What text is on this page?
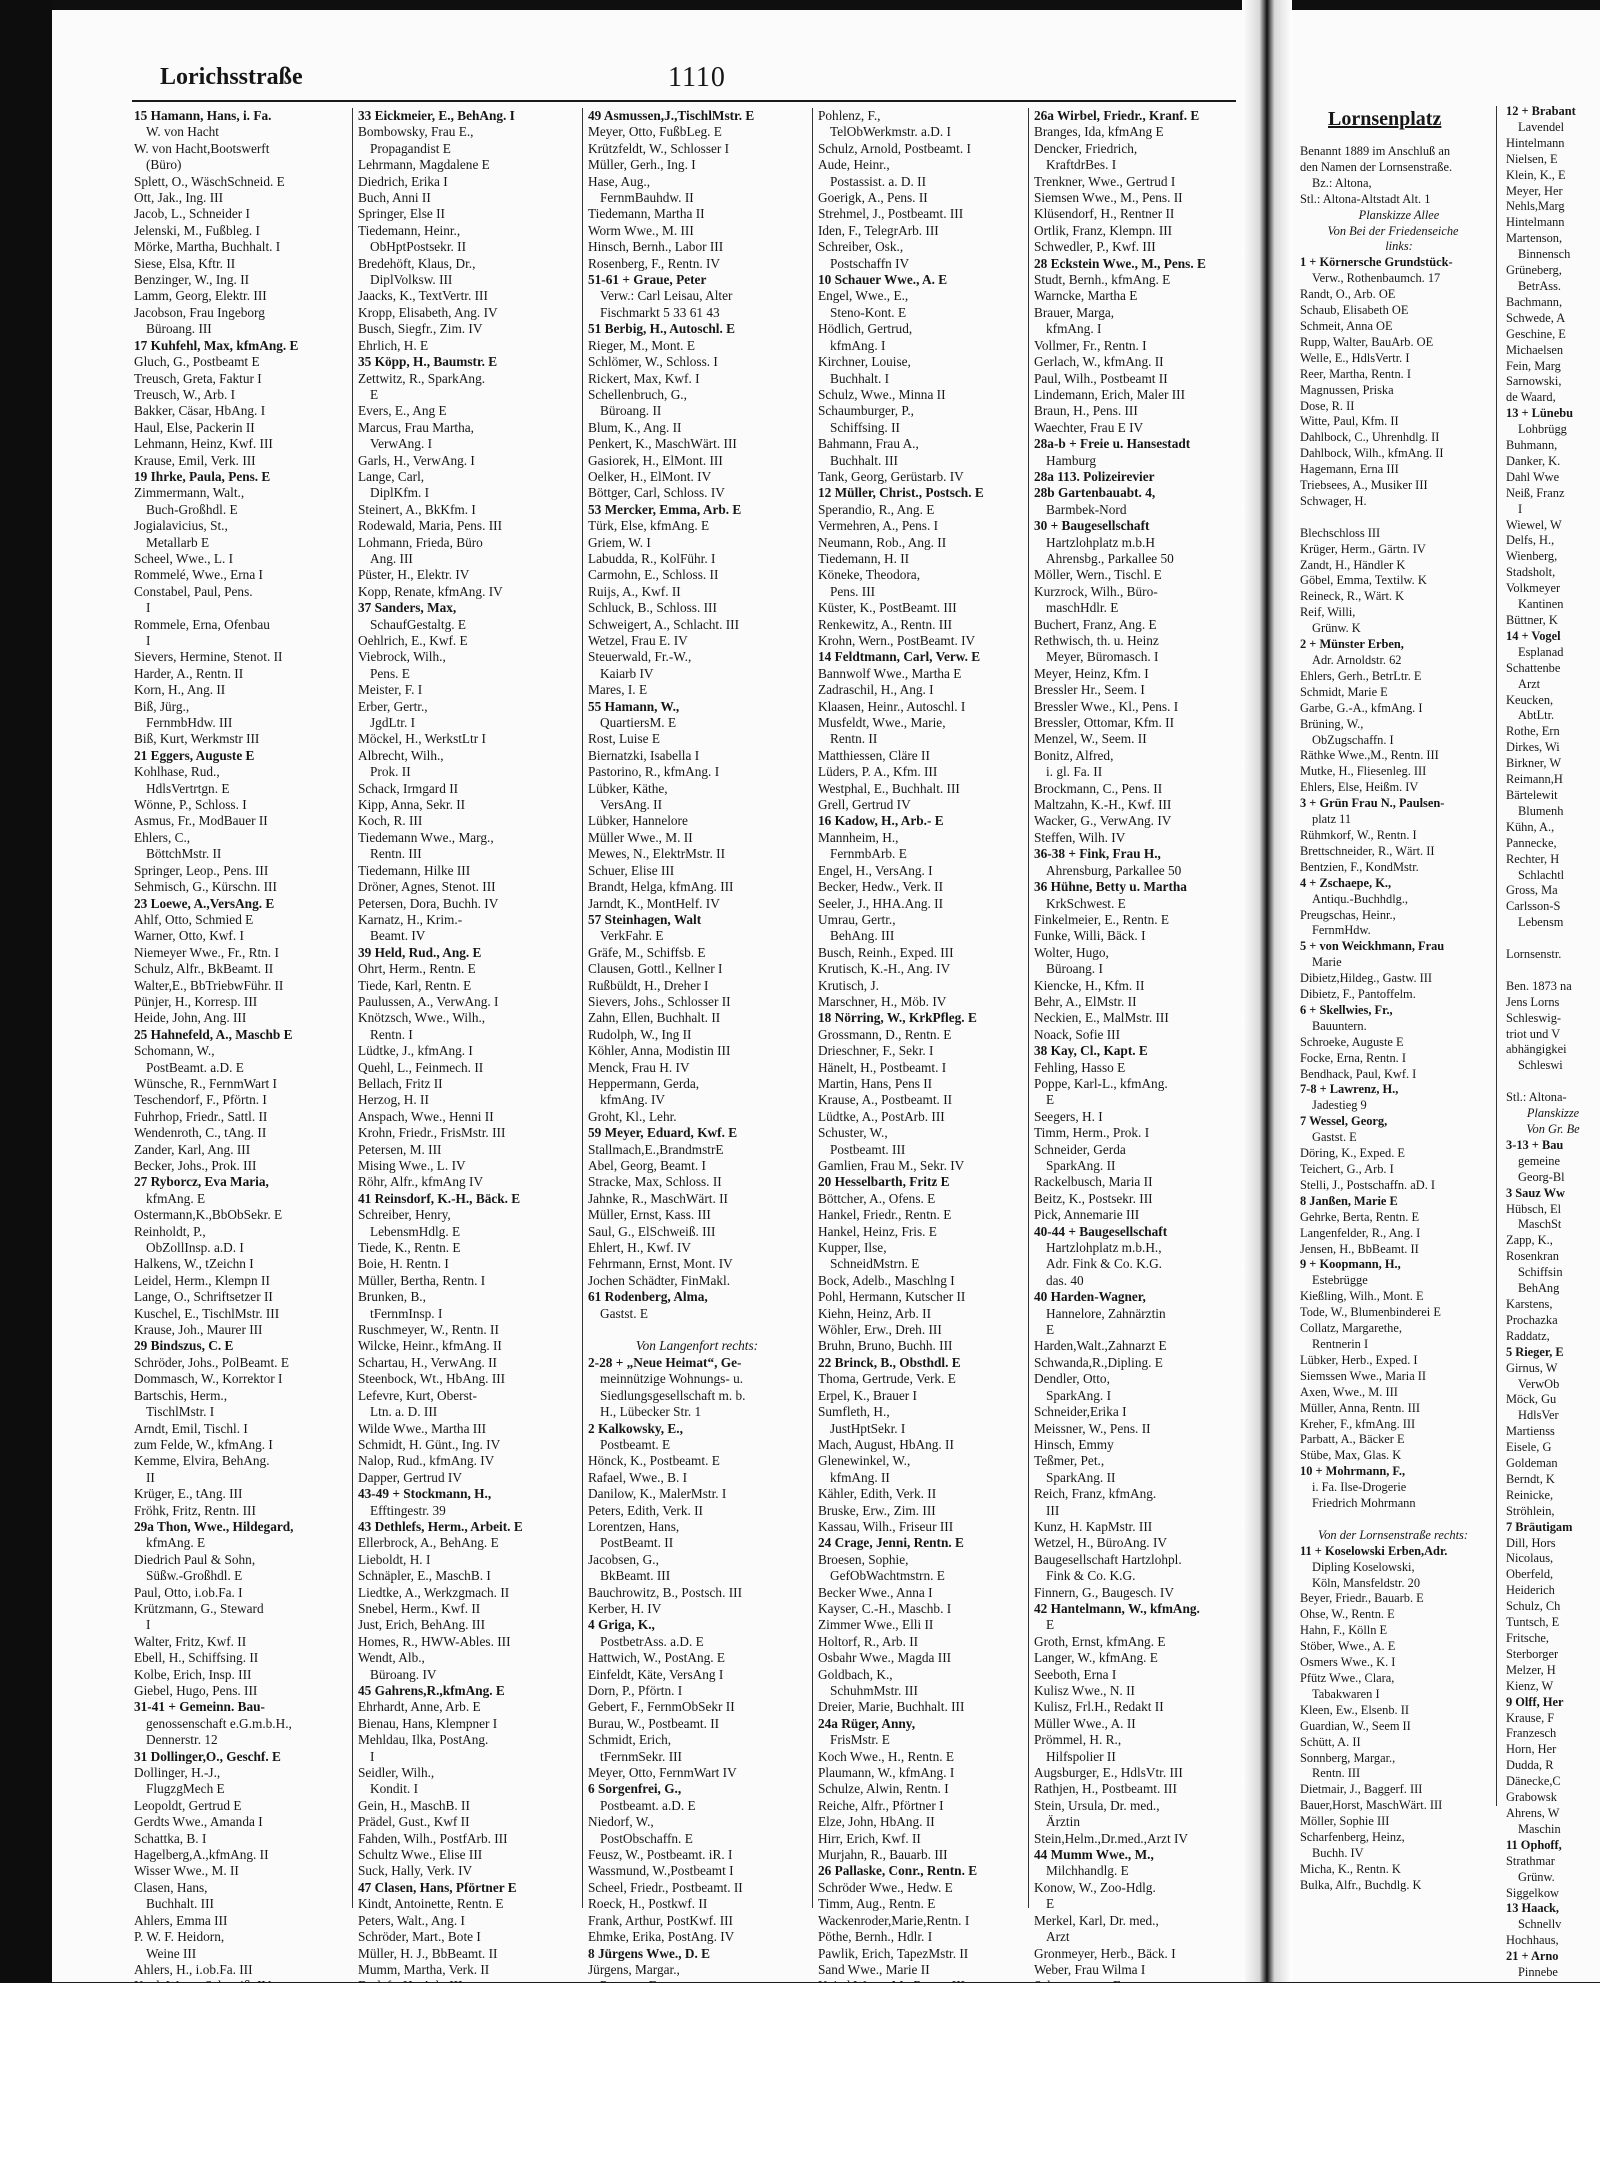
Lornsenplatz
Benannt 1889 im Anschluß an
den Namen der Lornsenstraße.
Bz.: Altona,
Stl.: Altona-Altstadt Alt. 1
Planskizze Allee
Von Bei der Friedenseiche
links:
1 + Körnersche Grundstück-
Verw., Rothenbaumch. 17
Randt, O., Arb. OE
Schaub, Elisabeth OE
Schmeit, Anna OE
Rupp, Walter, BauArb. OE
Welle, E., HdlsVertr. I
Reer, Martha, Rentn. I
Magnussen, Priska
Dose, R. II
Witte, Paul, Kfm. II
Dahlbock, C., Uhrenhdlg. II
Dahlbock, Wilh., kfmAng. II
Hagemann, Erna III
Triebsees, A., Musiker III
Schwager, H.

Blechschloss III
Krüger, Herm., Gärtn. IV
Zandt, H., Händler K
Göbel, Emma, Textilw. K
Reineck, R., Wärt. K
Reif, Willi,
Grünw. K
2 + Münster Erben,
Adr. Arnoldstr. 62
Ehlers, Gerh., BetrLtr. E
Schmidt, Marie E
Garbe, G.-A., kfmAng. I
Brüning, W.,
ObZugschaffn. I
Räthke Wwe.,M., Rentn. III
Mutke, H., Fliesenleg. III
Ehlers, Else, Heißm. IV
3 + Grün Frau N., Paulsen-
platz 11
Rühmkorf, W., Rentn. I
Brettschneider, R., Wärt. II
Bentzien, F., KondMstr.
4 + Zschaepe, K.,
Antiqu.-Buchhdlg.,
Preugschas, Heinr.,
FernmHdw.
5 + von Weickhmann, Frau
Marie
Dibietz,Hildeg., Gastw. III
Dibietz, F., Pantoffelm.
6 + Skellwies, Fr.,
Bauuntern.
Schroeke, Auguste E
Focke, Erna, Rentn. I
Bendhack, Paul, Kwf. I
7-8 + Lawrenz, H.,
Jadestieg 9
7 Wessel, Georg,
Gastst. E
Döring, K., Exped. E
Teichert, G., Arb. I
Stelli, J., Postschaffn. aD. I
8 Janßen, Marie E
Gehrke, Berta, Rentn. E
Langenfelder, R., Ang. I
Jensen, H., BbBeamt. II
9 + Koopmann, H.,
Estebrügge
Kießling, Wilh., Mont. E
Tode, W., Blumenbinderei E
Collatz, Margarethe,
Rentnerin I
Lübker, Herb., Exped. I
Siemssen Wwe., Maria II
Axen, Wwe., M. III
Müller, Anna, Rentn. III
Kreher, F., kfmAng. III
Parbatt, A., Bäcker E
Stübe, Max, Glas. K
10 + Mohrmann, F.,
i. Fa. Ilse-Drogerie
Friedrich Mohrmann

Von der Lornsenstraße rechts:
11 + Koselowski Erben,Adr.
Dipling Koselowski,
Köln, Mansfeldstr. 20
Beyer, Friedr., Bauarb. E
Ohse, W., Rentn. E
Hahn, F., Kölln E
Stöber, Wwe., A. E
Osmers Wwe., K. I
Pfütz Wwe., Clara,
Tabakwaren I
Kleen, Ew., Elsenb. II
Guardian, W., Seem II
Schütt, A. II
Sonnberg, Margar.,
Rentn. III
Dietmair, J., Baggerf. III
Bauer,Horst, MaschWärt. III
Möller, Sophie III
Scharfenberg, Heinz,
Buchh. IV
Micha, K., Rentn. K
Bulka, Alfr., Buchdlg. K
12 + Brabant
Lavendel
Hintelmann
Nielsen, E
Klein, K., E
Meyer, Her
Nehls,Marg
Hintelmann
Martenson,
Binnensch
Grüneberg,
BetrAss.
Bachmann,
Schwede, A
Geschine, E
Michaelsen
Fein, Marg
Sarnowski,
de Waard,
13 + Lünebu
Lohbrügg
Buhmann,
Danker, K.
Dahl Wwe
Neiß, Franz
I
Wiewel, W
Delfs, H.,
Wienberg,
Stadsholt,
Volkmeyer
Kantinen
Büttner, K
14 + Vogel
Esplanad
Schattenbe
Arzt
Keucken,
AbtLtr.
Rothe, Ern
Dirkes, Wi
Birkner, W
Reimann,H
Bärtelewit
Blumenh
Kühn, A.,
Pannecke,
Rechter, H
Schlachtl
Gross, Ma
Carlsson-S
Lebensm

Lornsenstr.

Ben. 1873 na
Jens Lorns
Schleswig-
triot und V
abhängigkei
Schleswi

Stl.: Altona-
Planskizze
Von Gr. Be
3-13 + Bau
gemeine
Georg-Bl
3 Sauz Ww
Hübsch, El
MaschSt
Zapp, K.,
Rosenkran
Schiffsin
BehAng
Karstens,
Prochazka
Raddatz,
5 Rieger, E
Girnus, W
VerwOb
Möck, Gu
HdlsVer
Martienss
Eisele, G
Goldeman
Berndt, K
Reinicke,
Ströhlein,
7 Bräutigam
Dill, Hors
Nicolaus,
Oberfeld,
Heiderich
Schulz, Ch
Tuntsch, E
Fritsche,
Sterborger
Melzer, H
Kienz, W
9 Olff, Her
Krause, F
Franzesch
Horn, Her
Dudda, R
Dänecke,C
Grabowsk
Ahrens, W
Maschin
11 Ophoff,
Strathmar
Grünw.
Siggelkow
13 Haack,
Schnellv
Hochhaus,
21 + Arno
Pinnebe
Lorichsstraße	1110
15 Hamann, Hans, i. Fa.
W. von Hacht
W. von Hacht,Bootswerft
(Büro)
Splett, O., WäschSchneid. E
Ott, Jak., Ing. III
Jacob, L., Schneider I
Jelenski, M., Fußbleg. I
Mörke, Martha, Buchhalt. I
Siese, Elsa, Kftr. II
Benzinger, W., Ing. II
Lamm, Georg, Elektr. III
Jacobson, Frau Ingeborg
Büroang. III
17 Kuhfehl, Max, kfmAng. E
Gluch, G., Postbeamt E
Treusch, Greta, Faktur I
Treusch, W., Arb. I
Bakker, Cäsar, HbAng. I
Haul, Else, Packerin II
Lehmann, Heinz, Kwf. III
Krause, Emil, Verk. III
19 Ihrke, Paula, Pens. E
Zimmermann, Walt.,
Buch-Großhdl. E
Jogialavicius, St.,
Metallarb E
Scheel, Wwe., L. I
Rommelé, Wwe., Erna I
Constabel, Paul, Pens.
I
Rommele, Erna, Ofenbau
I
Sievers, Hermine, Stenot. II
Harder, A., Rentn. II
Korn, H., Ang. II
Biß, Jürg.,
FernmbHdw. III
Biß, Kurt, Werkmstr III
21 Eggers, Auguste E
Kohlhase, Rud.,
HdlsVertrtgn. E
Wönne, P., Schloss. I
Asmus, Fr., ModBauer II
Ehlers, C.,
BöttchMstr. II
Springer, Leop., Pens. III
Sehmisch, G., Kürschn. III
23 Loewe, A.,VersAng. E
Ahlf, Otto, Schmied E
Warner, Otto, Kwf. I
Niemeyer Wwe., Fr., Rtn. I
Schulz, Alfr., BkBeamt. II
Walter,E., BbTriebwFühr. II
Pünjer, H., Korresp. III
Heide, John, Ang. III
25 Hahnefeld, A., Maschb E
Schomann, W.,
PostBeamt. a.D. E
Wünsche, R., FernmWart I
Teschendorf, F., Pförtn. I
Fuhrhop, Friedr., Sattl. II
Wendenroth, C., tAng. II
Zander, Karl, Ang. III
Becker, Johs., Prok. III
27 Ryborcz, Eva Maria,
kfmAng. E
Ostermann,K.,BbObSekr. E
Reinholdt, P.,
ObZollInsp. a.D. I
Halkens, W., tZeichn I
Leidel, Herm., Klempn II
Lange, O., Schriftsetzer II
Kuschel, E., TischlMstr. III
Krause, Joh., Maurer III
29 Bindszus, C. E
Schröder, Johs., PolBeamt. E
Dommasch, W., Korrektor I
Bartschis, Herm.,
TischlMstr. I
Arndt, Emil, Tischl. I
zum Felde, W., kfmAng. I
Kemme, Elvira, BehAng.
II
Krüger, E., tAng. III
Fröhk, Fritz, Rentn. III
29a Thon, Wwe., Hildegard,
kfmAng. E
Diedrich Paul & Sohn,
Süßw.-Großhdl. E
Paul, Otto, i.ob.Fa. I
Krützmann, G., Steward
I
Walter, Fritz, Kwf. II
Ebell, H., Schiffsing. II
Kolbe, Erich, Insp. III
Giebel, Hugo, Pens. III
31-41 + Gemeinn. Bau-
genossenschaft e.G.m.b.H.,
Dennerstr. 12
31 Dollinger,O., Geschf. E
Dollinger, H.-J.,
FlugzgMech E
Leopoldt, Gertrud E
Gerdts Wwe., Amanda I
Schattka, B. I
Hagelberg,A.,kfmAng. II
Wisser Wwe., M. II
Clasen, Hans,
Buchhalt. III
Ahlers, Emma III
P. W. F. Heidorn,
Weine III
Ahlers, H., i.ob.Fa. III
33 Eickmeier, E., BehAng. I
Bombowsky, Frau E.,
Propagandist E
Lehrmann, Magdalene E
Diedrich, Erika I
Buch, Anni II
Springer, Else II
Tiedemann, Heinr.,
ObHptPostsekr. II
Bredehöft, Klaus, Dr.,
DiplVolksw. III
Jaacks, K., TextVertr. III
Kropp, Elisabeth, Ang. IV
Busch, Siegfr., Zim. IV
Ehrlich, H. E
35 Köpp, H., Baumstr. E
Zettwitz, R., SparkAng.
E
Evers, E., Ang E
Marcus, Frau Martha,
VerwAng. I
Garls, H., VerwAng. I
Lange, Carl,
DiplKfm. I
Steinert, A., BkKfm. I
Rodewald, Maria, Pens. III
Lohmann, Frieda, Büro
Ang. III
Püster, H., Elektr. IV
Kopp, Renate, kfmAng. IV
37 Sanders, Max,
SchaufGestaltg. E
Oehlrich, E., Kwf. E
Viebrock, Wilh.,
Pens. E
Meister, F. I
Erber, Gertr.,
JgdLtr. I
Möckel, H., WerkstLtr I
Albrecht, Wilh.,
Prok. II
Schack, Irmgard II
Kipp, Anna, Sekr. II
Koch, R. III
Tiedemann Wwe., Marg.,
Rentn. III
Tiedemann, Hilke III
Dröner, Agnes, Stenot. III
Petersen, Dora, Buchh. IV
Karnatz, H., Krim.-
Beamt. IV
39 Held, Rud., Ang. E
Ohrt, Herm., Rentn. E
Tiede, Karl, Rentn. E
Paulussen, A., VerwAng. I
Knötzsch, Wwe., Wilh.,
Rentn. I
Lüdtke, J., kfmAng. I
Quehl, L., Feinmech. II
Bellach, Fritz II
Herzog, H. II
Anspach, Wwe., Henni II
Krohn, Friedr., FrisMstr. III
Petersen, M. III
Mising Wwe., L. IV
Röhr, Alfr., kfmAng IV
41 Reinsdorf, K.-H., Bäck. E
Schreiber, Henry,
LebensmHdlg. E
Tiede, K., Rentn. E
Boie, H. Rentn. I
Müller, Bertha, Rentn. I
Brunken, B.,
tFernmInsp. I
Ruschmeyer, W., Rentn. II
Wilcke, Heinr., kfmAng. II
Schartau, H., VerwAng. II
Steenbock, Wt., HbAng. III
Lefevre, Kurt, Oberst-
Ltn. a. D. III
Wilde Wwe., Martha III
Schmidt, H. Günt., Ing. IV
Nalop, Rud., kfmAng. IV
Dapper, Gertrud IV
43-49 + Stockmann, H.,
Efftingestr. 39
43 Dethlefs, Herm., Arbeit. E
Ellerbrock, A., BehAng. E
Lieboldt, H. I
Schnäpler, E., MaschB. I
Liedtke, A., Werkzgmach. II
Snebel, Herm., Kwf. II
Just, Erich, BehAng. III
Homes, R., HWW-Ables. III
Wendt, Alb.,
Büroang. IV
45 Gahrens,R.,kfmAng. E
Ehrhardt, Anne, Arb. E
Bienau, Hans, Klempner I
Mehldau, Ilka, PostAng.
I
Seidler, Wilh.,
Kondit. I
Gein, H., MaschB. II
Prädel, Gust., Kwf II
Fahden, Wilh., PostfArb. III
Schultz Wwe., Elise III
Suck, Hally, Verk. IV
47 Clasen, Hans, Pförtner E
Kindt, Antoinette, Rentn. E
Peters, Walt., Ang. I
Schröder, Mart., Bote I
Müller, H. J., BbBeamt. II
Mumm, Martha, Verk. II
49 Asmussen,J.,TischlMstr. E
Meyer, Otto, FußbLeg. E
Krützfeldt, W., Schlosser I
Müller, Gerh., Ing. I
Hase, Aug.,
FernmBauhdw. II
Tiedemann, Martha II
Worm Wwe., M. III
Hinsch, Bernh., Labor III
Rosenberg, F., Rentn. IV
51-61 + Graue, Peter
Verw.: Carl Leisau, Alter
Fischmarkt 5 33 61 43
51 Berbig, H., Autoschl. E
Rieger, M., Mont. E
Schlömer, W., Schloss. I
Rickert, Max, Kwf. I
Schellenbruch, G.,
Büroang. II
Blum, K., Ang. II
Penkert, K., MaschWärt. III
Gasiorek, H., ElMont. III
Oelker, H., ElMont. IV
Böttger, Carl, Schloss. IV
53 Mercker, Emma, Arb. E
Türk, Else, kfmAng. E
Griem, W. I
Labudda, R., KolFühr. I
Carmohn, E., Schloss. II
Ruijs, A., Kwf. II
Schluck, B., Schloss. III
Schweigert, A., Schlacht. III
Wetzel, Frau E. IV
Steuerwald, Fr.-W.,
Kaiarb IV
Mares, I. E
55 Hamann, W.,
QuartiersM. E
Rost, Luise E
Biernatzki, Isabella I
Pastorino, R., kfmAng. I
Lübker, Käthe,
VersAng. II
Lübker, Hannelore
Müller Wwe., M. II
Mewes, N., ElektrMstr. II
Schuer, Elise III
Brandt, Helga, kfmAng. III
Jarndt, K., MontHelf. IV
57 Steinhagen, Walt
VerkFahr. E
Gräfe, M., Schiffsb. E
Clausen, Gottl., Kellner I
Rußbüldt, H., Dreher I
Sievers, Johs., Schlosser II
Zahn, Ellen, Buchhalt. II
Rudolph, W., Ing II
Köhler, Anna, Modistin III
Menck, Frau H. IV
Heppermann, Gerda,
kfmAng. IV
Groht, Kl., Lehr.
59 Meyer, Eduard, Kwf. E
Stallmach,E.,BrandmstrE
Abel, Georg, Beamt. I
Stracke, Max, Schloss. II
Jahnke, R., MaschWärt. II
Müller, Ernst, Kass. III
Saul, G., ElSchweiß. III
Ehlert, H., Kwf. IV
Fehrmann, Ernst, Mont. IV
Jochen Schädter, FinMakl.
61 Rodenberg, Alma,
Gastst. E

Von Langenfort rechts:
2-28 + „Neue Heimat“, Ge-
meinnützige Wohnungs- u.
Siedlungsgesellschaft m. b.
H., Lübecker Str. 1
2 Kalkowsky, E.,
Postbeamt. E
Hönck, K., Postbeamt. E
Rafael, Wwe., B. I
Danilow, K., MalerMstr. I
Peters, Edith, Verk. II
Lorentzen, Hans,
PostBeamt. II
Jacobsen, G.,
BkBeamt. III
Bauchrowitz, B., Postsch. III
Kerber, H. IV
4 Griga, K.,
PostbetrAss. a.D. E
Hattwich, W., PostAng. E
Einfeldt, Käte, VersAng I
Dorn, P., Pförtn. I
Gebert, F., FernmObSekr II
Burau, W., Postbeamt. II
Schmidt, Erich,
tFernmSekr. III
Meyer, Otto, FernmWart IV
6 Sorgenfrei, G.,
Postbeamt. a.D. E
Niedorf, W.,
PostObschaffn. E
Feusz, W., Postbeamt. iR. I
Wassmund, W.,Postbeamt I
Scheel, Friedr., Postbeamt. II
Roeck, H., Postkwf. II
Frank, Arthur, PostKwf. III
Ehmke, Erika, PostAng. IV
8 Jürgens Wwe., D. E
Jürgens, Margar.,
Pohlenz, F.,
TelObWerkmstr. a.D. I
Schulz, Arnold, Postbeamt. I
Aude, Heinr.,
Postassist. a. D. II
Goerigk, A., Pens. II
Strehmel, J., Postbeamt. III
Iden, F., TelegrArb. III
Schreiber, Osk.,
Postschaffn IV
10 Schauer Wwe., A. E
Engel, Wwe., E.,
Steno-Kont. E
Hödlich, Gertrud,
kfmAng. I
Kirchner, Louise,
Buchhalt. I
Schulz, Wwe., Minna II
Schaumburger, P.,
Schiffsing. II
Bahmann, Frau A.,
Buchhalt. III
Tank, Georg, Gerüstarb. IV
12 Müller, Christ., Postsch. E
Sperandio, R., Ang. E
Vermehren, A., Pens. I
Neumann, Rob., Ang. II
Tiedemann, H. II
Köneke, Theodora,
Pens. III
Küster, K., PostBeamt. III
Renkewitz, A., Rentn. III
Krohn, Wern., PostBeamt. IV
14 Feldtmann, Carl, Verw. E
Bannwolf Wwe., Martha E
Zadraschil, H., Ang. I
Klaasen, Heinr., Autoschl. I
Musfeldt, Wwe., Marie,
Rentn. II
Matthiessen, Cläre II
Lüders, P. A., Kfm. III
Westphal, E., Buchhalt. III
Grell, Gertrud IV
16 Kadow, H., Arb.- E
Mannheim, H.,
FernmbArb. E
Engel, H., VersAng. I
Becker, Hedw., Verk. II
Seeler, J., HHA.Ang. II
Umrau, Gertr.,
BehAng. III
Busch, Reinh., Exped. III
Krutisch, K.-H., Ang. IV
Krutisch, J.
Marschner, H., Möb. IV
18 Nörring, W., KrkPfleg. E
Grossmann, D., Rentn. E
Drieschner, F., Sekr. I
Hänelt, H., Postbeamt. I
Martin, Hans, Pens II
Krause, A., Postbeamt. II
Lüdtke, A., PostArb. III
Schuster, W.,
Postbeamt. III
Gamlien, Frau M., Sekr. IV
20 Hesselbarth, Fritz E
Böttcher, A., Ofens. E
Hankel, Friedr., Rentn. E
Hankel, Heinz, Fris. E
Kupper, Ilse,
SchneidMstrn. E
Bock, Adelb., Maschlng I
Pohl, Hermann, Kutscher II
Kiehn, Heinz, Arb. II
Wöhler, Erw., Dreh. III
Bruhn, Bruno, Buchh. III
22 Brinck, B., Obsthdl. E
Thoma, Gertrude, Verk. E
Erpel, K., Brauer I
Sumfleth, H.,
JustHptSekr. I
Mach, August, HbAng. II
Glenewinkel, W.,
kfmAng. II
Kähler, Edith, Verk. II
Bruske, Erw., Zim. III
Kassau, Wilh., Friseur III
24 Crage, Jenni, Rentn. E
Broesen, Sophie,
GefObWachtmstrn. E
Becker Wwe., Anna I
Kayser, C.-H., Maschb. I
Zimmer Wwe., Elli II
Holtorf, R., Arb. II
Osbahr Wwe., Magda III
Goldbach, K.,
SchuhmMstr. III
Dreier, Marie, Buchhalt. III
24a Rüger, Anny,
FrisMstr. E
Koch Wwe., H., Rentn. E
Plaumann, W., kfmAng. I
Schulze, Alwin, Rentn. I
Reiche, Alfr., Pförtner I
Elze, John, HbAng. II
Hirr, Erich, Kwf. II
Murjahn, R., Bauarb. III
26 Pallaske, Conr., Rentn. E
Schröder Wwe., Hedw. E
Timm, Aug., Rentn. E
Wackenroder,Marie,Rentn. I
Pöthe, Bernh., Hdlr. I
Pawlik, Erich, TapezMstr. II
Sand Wwe., Marie II
26a Wirbel, Friedr., Kranf. E
Branges, Ida, kfmAng E
Dencker, Friedrich,
KraftdrBes. I
Trenkner, Wwe., Gertrud I
Siemsen Wwe., M., Pens. II
Klüsendorf, H., Rentner II
Ortlik, Franz, Klempn. III
Schwedler, P., Kwf. III
28 Eckstein Wwe., M., Pens. E
Studt, Bernh., kfmAng. E
Warncke, Martha E
Brauer, Marga,
kfmAng. I
Vollmer, Fr., Rentn. I
Gerlach, W., kfmAng. II
Paul, Wilh., Postbeamt II
Lindemann, Erich, Maler III
Braun, H., Pens. III
Waechter, Frau E IV
28a-b + Freie u. Hansestadt
Hamburg
28a 113. Polizeirevier
28b Gartenbauabt. 4,
Barmbek-Nord
30 + Baugesellschaft
Hartzlohplatz m.b.H
Ahrensbg., Parkallee 50
Möller, Wern., Tischl. E
Kurzrock, Wilh., Büro-
maschHdlr. E
Buchert, Franz, Ang. E
Rethwisch, th. u. Heinz
Meyer, Büromasch. I
Meyer, Heinz, Kfm. I
Bressler Hr., Seem. I
Bressler Wwe., Kl., Pens. I
Bressler, Ottomar, Kfm. II
Menzel, W., Seem. II
Bonitz, Alfred,
i. gl. Fa. II
Brockmann, C., Pens. II
Maltzahn, K.-H., Kwf. III
Wacker, G., VerwAng. IV
Steffen, Wilh. IV
36-38 + Fink, Frau H.,
Ahrensburg, Parkallee 50
36 Hühne, Betty u. Martha
KrkSchwest. E
Finkelmeier, E., Rentn. E
Funke, Willi, Bäck. I
Wolter, Hugo,
Büroang. I
Kiencke, H., Kfm. II
Behr, A., ElMstr. II
Neckien, E., MalMstr. III
Noack, Sofie III
38 Kay, Cl., Kapt. E
Fehling, Hasso E
Poppe, Karl-L., kfmAng.
E
Seegers, H. I
Timm, Herm., Prok. I
Schneider, Gerda
SparkAng. II
Rackelbusch, Maria II
Beitz, K., Postsekr. III
Pick, Annemarie III
40-44 + Baugesellschaft
Hartzlohplatz m.b.H.,
Adr. Fink & Co. K.G.
das. 40
40 Harden-Wagner,
Hannelore, Zahnärztin
E
Harden,Walt.,Zahnarzt E
Schwanda,R.,Dipling. E
Dendler, Otto,
SparkAng. I
Schneider,Erika I
Meissner, W., Pens. II
Hinsch, Emmy
Teßmer, Pet.,
SparkAng. II
Reich, Franz, kfmAng.
III
Kunz, H. KapMstr. III
Wetzel, H., BüroAng. IV
Baugesellschaft Hartzlohpl.
Fink & Co. K.G.
Finnern, G., Baugesch. IV
42 Hantelmann, W., kfmAng.
E
Groth, Ernst, kfmAng. E
Langer, W., kfmAng. E
Seeboth, Erna I
Kulisz Wwe., N. II
Kulisz, Frl.H., Redakt II
Müller Wwe., A. II
Prömmel, H. R.,
Hilfspolier II
Augsburger, E., HdlsVtr. III
Rathjen, H., Postbeamt. III
Stein, Ursula, Dr. med.,
Ärztin
Stein,Helm.,Dr.med.,Arzt IV
44 Mumm Wwe., M.,
Milchhandlg. E
Konow, W., Zoo-Hdlg.
E
Merkel, Karl, Dr. med.,
Arzt
Gronmeyer, Herb., Bäck. I
Weber, Frau Wilma I
